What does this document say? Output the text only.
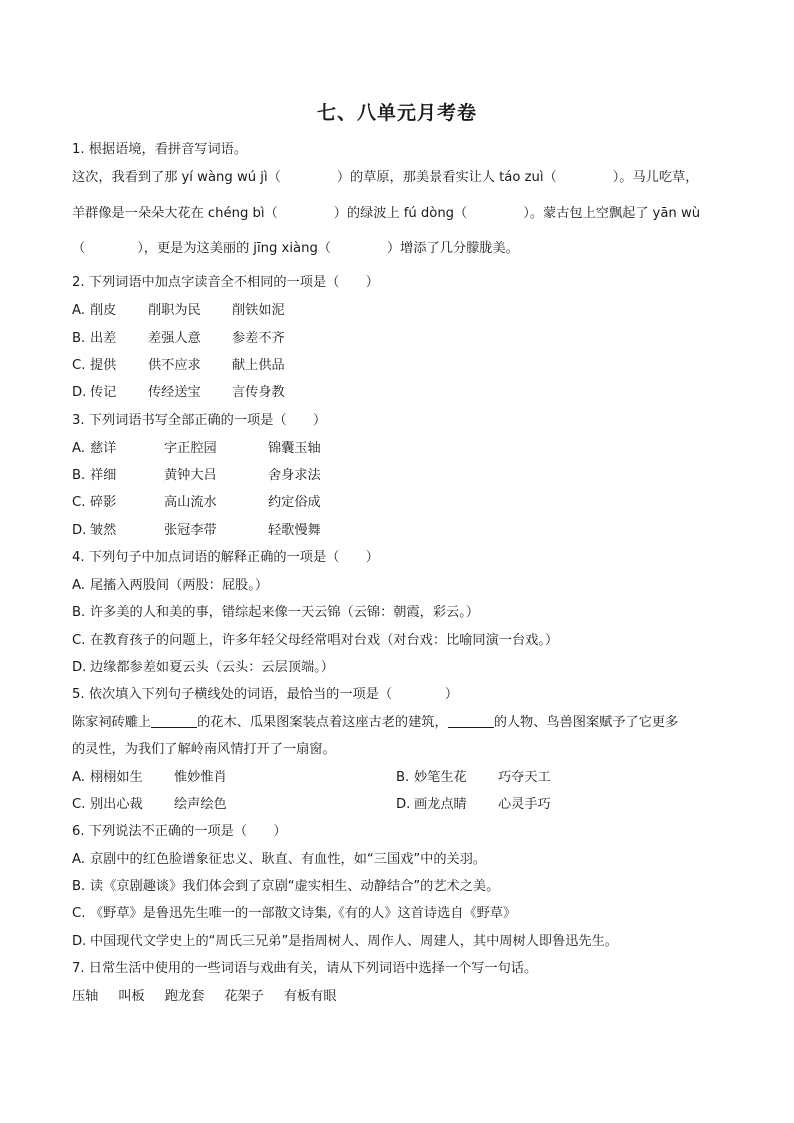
七、八单元月考卷
1. 根据语境，看拼音写词语。
这次，我看到了那 yí wàng wú jì（	）的草原，那美景看实让人 táo zuì（	）。马儿吃草，
羊群像是一朵朵大花在 chéng bì（	）的绿波上 fú dòng（	）。蒙古包上空飘起了 yān wù
（	），更是为这美丽的 jīng xiàng（	）增添了几分朦胧美。
2. 下列词语中加点字读音全不相同的一项是（　　）
A. 削皮 削职为民 削铁如泥
B. 出差 差强人意 参差不齐
C. 提供 供不应求 献上供品
D. 传记 传经送宝 言传身教
3. 下列词语书写全部正确的一项是（　　）
A. 慈详	字正腔园	锦囊玉轴
B. 祥细	黄钟大吕	舍身求法
C. 碎影	高山流水	约定俗成
D. 皱然	张冠李带	轻歌慢舞
4. 下列句子中加点词语的解释正确的一项是（　　）
A. 尾搐入两股间（两股：屁股。）
B. 许多美的人和美的事，错综起来像一天云锦（云锦：朝霞，彩云。）
C. 在教育孩子的问题上，许多年轻父母经常唱对台戏（对台戏：比喻同演一台戏。）
D. 边缘都参差如夏云头（云头：云层顶端。）
5. 依次填入下列句子横线处的词语，最恰当的一项是（　　　　）
陈家祠砖雕上	的花木、瓜果图案装点着这座古老的建筑，	的人物、鸟兽图案赋予了它更多
的灵性，为我们了解岭南风情打开了一扇窗。
A. 栩栩如生 惟妙惟肖	B. 妙笔生花 巧夺天工
C. 别出心裁 绘声绘色	D. 画龙点睛 心灵手巧
6. 下列说法不正确的一项是（　　）
A. 京剧中的红色脸谱象征忠义、耿直、有血性，如“三国戏”中的关羽。
B. 读《京剧趣谈》我们体会到了京剧“虚实相生、动静结合”的艺术之美。
C. 《野草》是鲁迅先生唯一的一部散文诗集,《有的人》这首诗选自《野草》
D. 中国现代文学史上的“周氏三兄弟”是指周树人、周作人、周建人，其中周树人即鲁迅先生。
7. 日常生活中使用的一些词语与戏曲有关，请从下列词语中选择一个写一句话。
压轴 叫板 跑龙套 花架子 有板有眼
